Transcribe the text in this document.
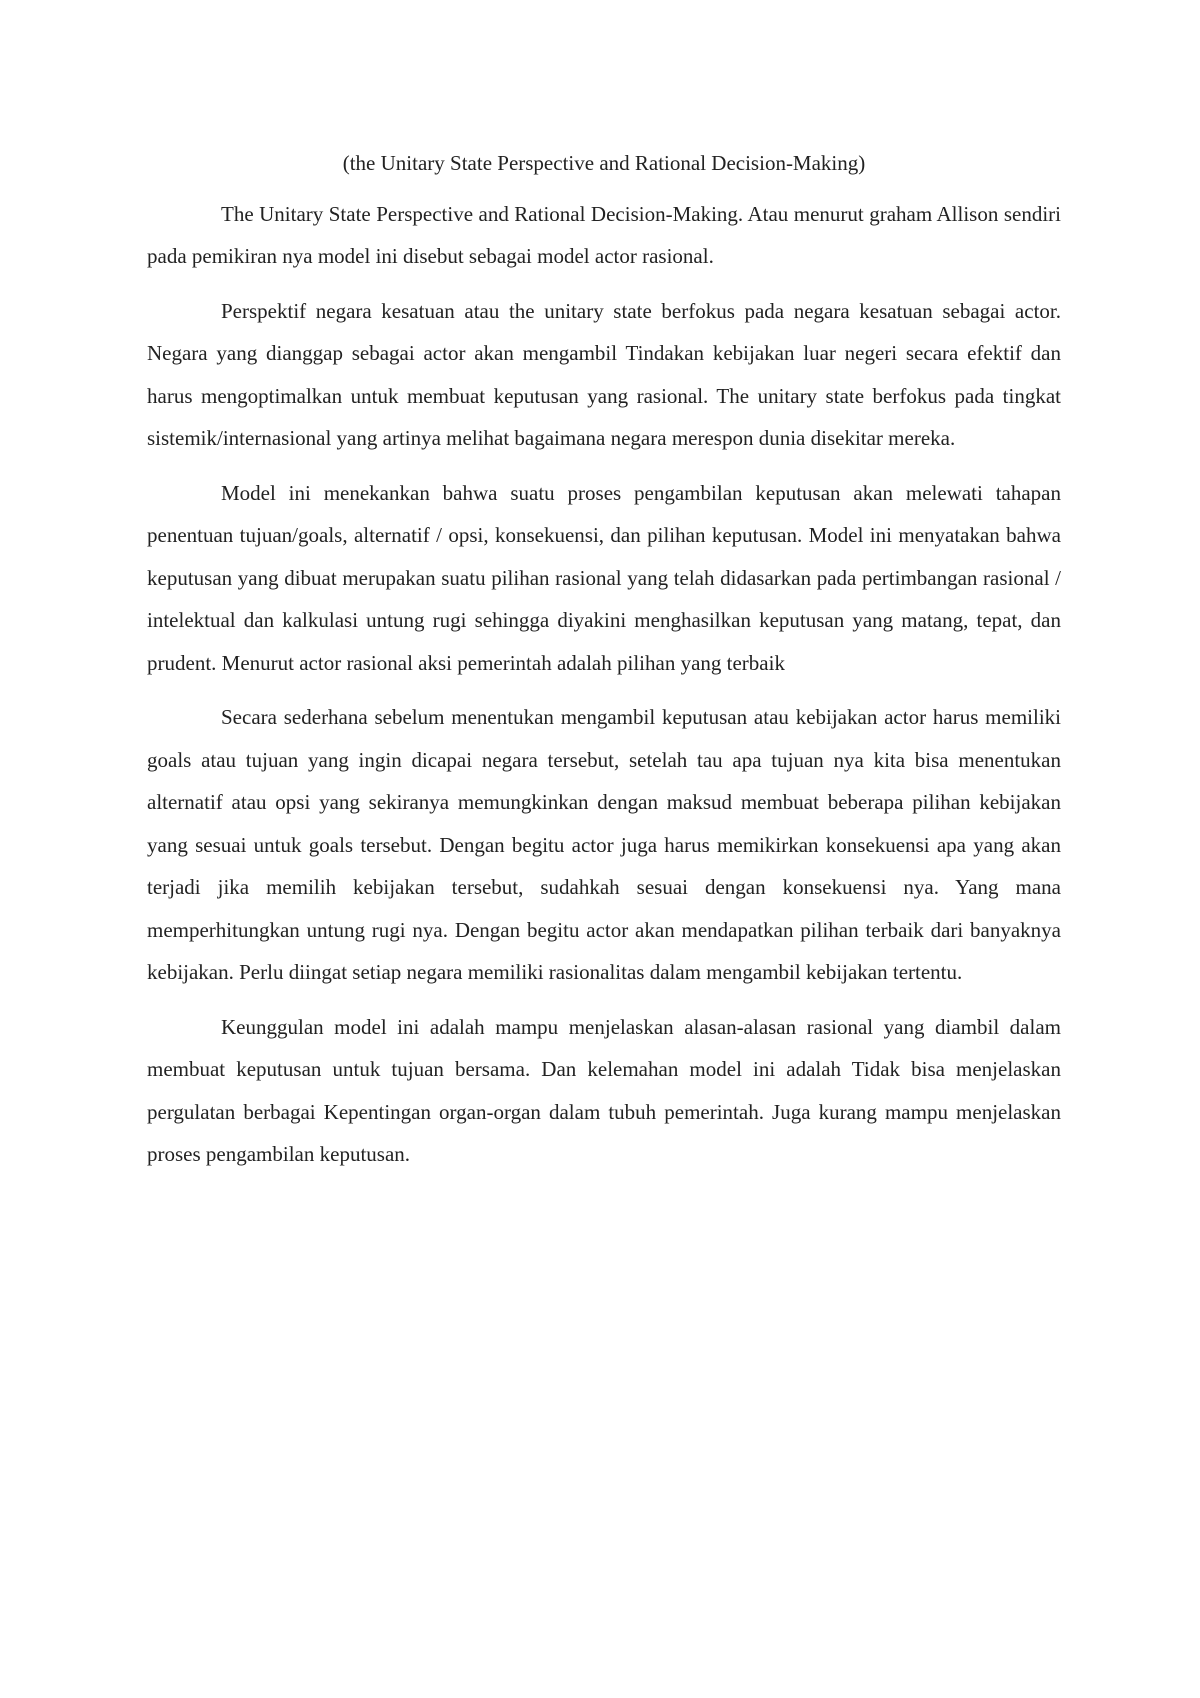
(the Unitary State Perspective and Rational Decision-Making)

The Unitary State Perspective and Rational Decision-Making. Atau menurut graham Allison sendiri pada pemikiran nya model ini disebut sebagai model actor rasional.

Perspektif negara kesatuan atau the unitary state berfokus pada negara kesatuan sebagai actor. Negara yang dianggap sebagai actor akan mengambil Tindakan kebijakan luar negeri secara efektif dan harus mengoptimalkan untuk membuat keputusan yang rasional. The unitary state berfokus pada tingkat sistemik/internasional yang artinya melihat bagaimana negara merespon dunia disekitar mereka.

Model ini menekankan bahwa suatu proses pengambilan keputusan akan melewati tahapan penentuan tujuan/goals, alternatif / opsi, konsekuensi, dan pilihan keputusan. Model ini menyatakan bahwa keputusan yang dibuat merupakan suatu pilihan rasional yang telah didasarkan pada pertimbangan rasional / intelektual dan kalkulasi untung rugi sehingga diyakini menghasilkan keputusan yang matang, tepat, dan prudent. Menurut actor rasional aksi pemerintah adalah pilihan yang terbaik

Secara sederhana sebelum menentukan mengambil keputusan atau kebijakan actor harus memiliki goals atau tujuan yang ingin dicapai negara tersebut, setelah tau apa tujuan nya kita bisa menentukan alternatif atau opsi yang sekiranya memungkinkan dengan maksud membuat beberapa pilihan kebijakan yang sesuai untuk goals tersebut. Dengan begitu actor juga harus memikirkan konsekuensi apa yang akan terjadi jika memilih kebijakan tersebut, sudahkah sesuai dengan konsekuensi nya. Yang mana memperhitungkan untung rugi nya. Dengan begitu actor akan mendapatkan pilihan terbaik dari banyaknya kebijakan. Perlu diingat setiap negara memiliki rasionalitas dalam mengambil kebijakan tertentu.

Keunggulan model ini adalah mampu menjelaskan alasan-alasan rasional yang diambil dalam membuat keputusan untuk tujuan bersama. Dan kelemahan model ini adalah Tidak bisa menjelaskan pergulatan berbagai Kepentingan organ-organ dalam tubuh pemerintah. Juga kurang mampu menjelaskan proses pengambilan keputusan.
